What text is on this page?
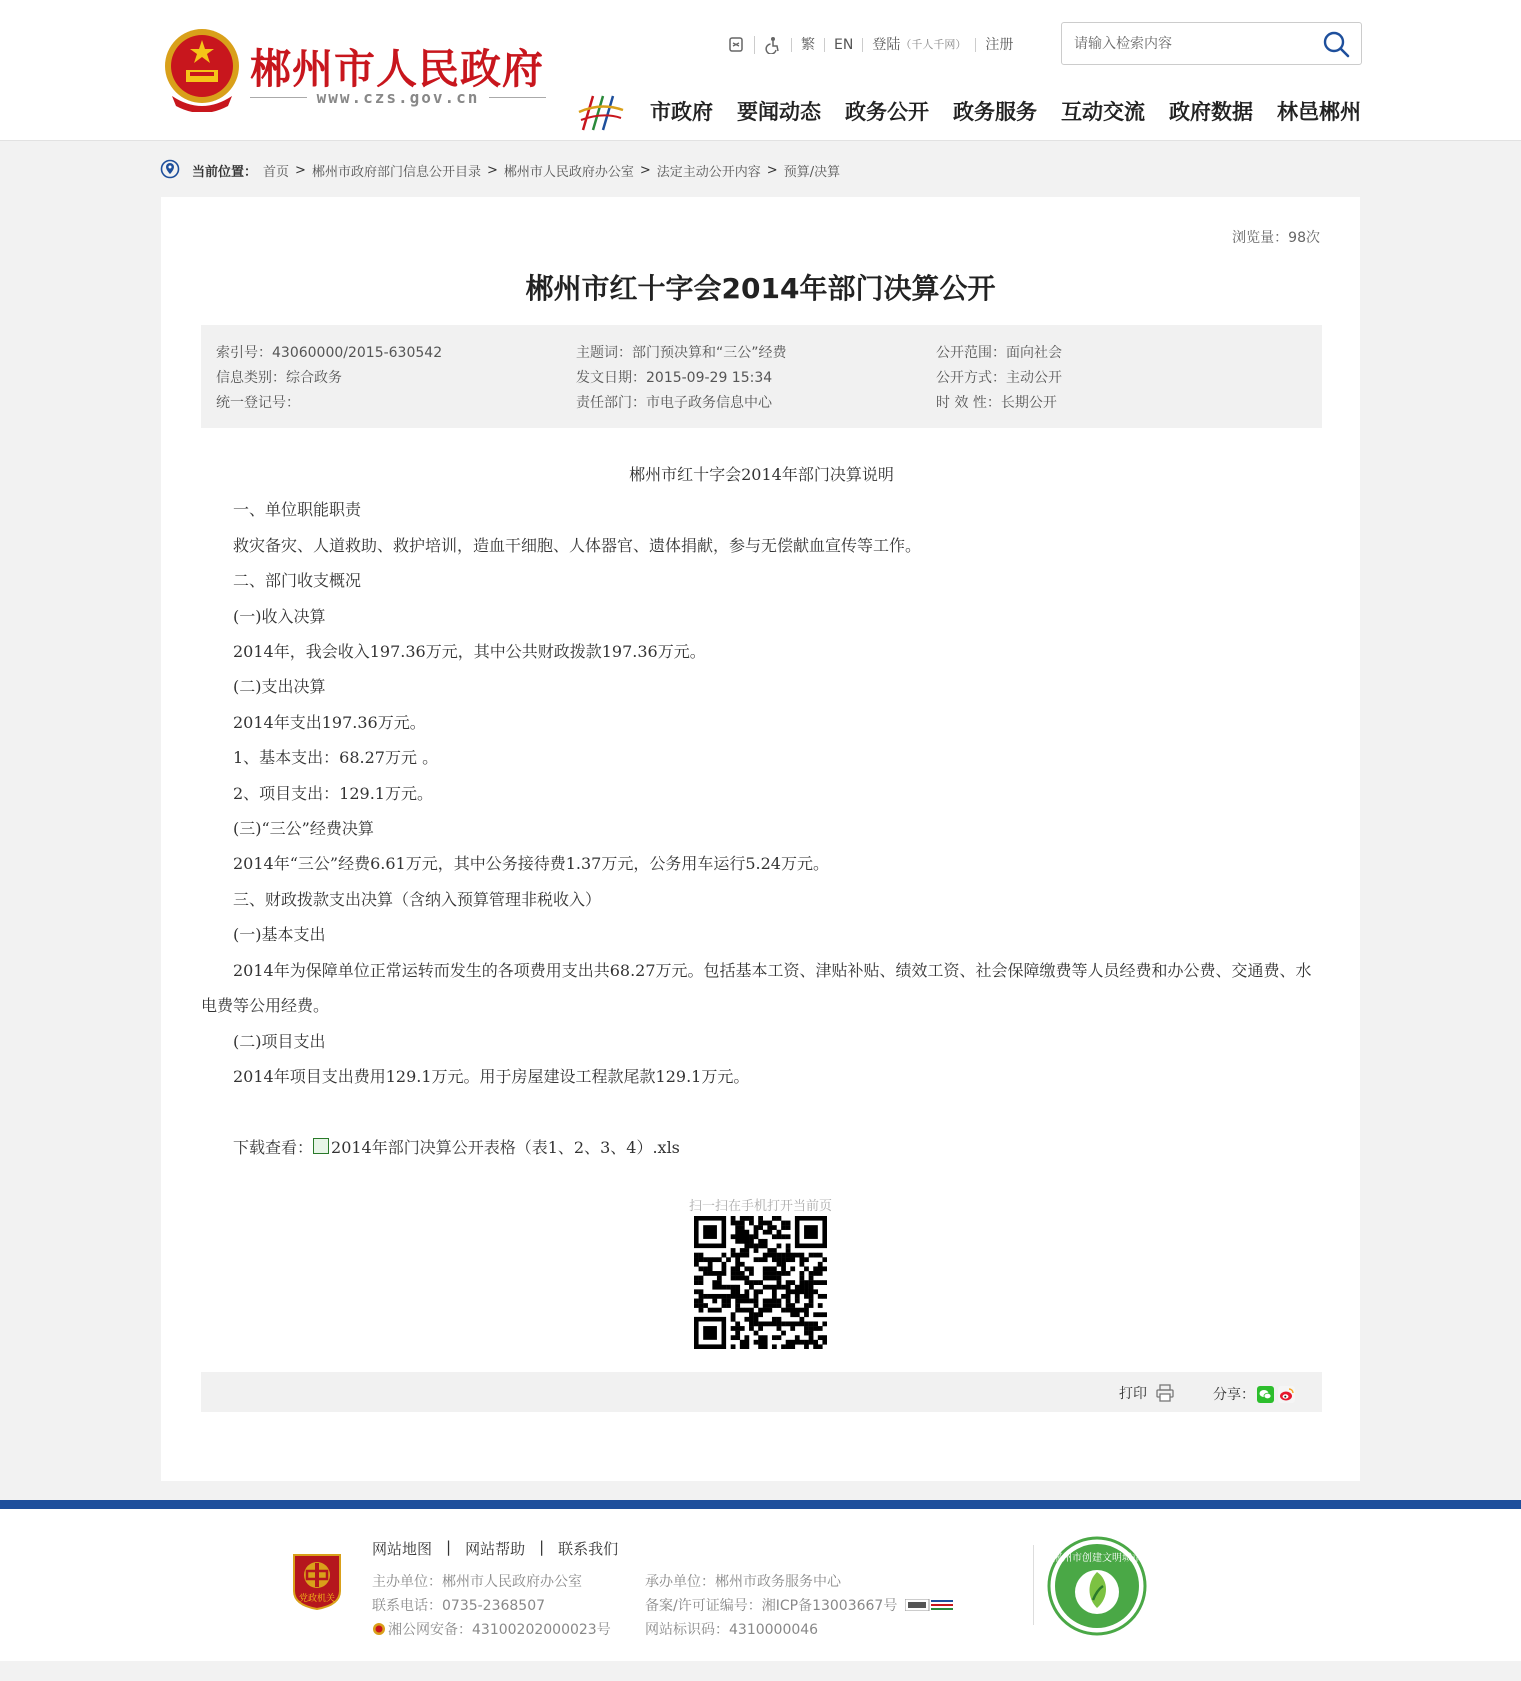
郴州市人民政府
www.czs.gov.cn
繁	EN	登陆 （千人千网）	注册
请输入检索内容
市政府 要闻动态 政务公开 政务服务 互动交流 政府数据 林邑郴州
当前位置： 首页 > 郴州市政府部门信息公开目录 > 郴州市人民政府办公室 > 法定主动公开内容 > 预算/决算
浏览量：98次
郴州市红十字会2014年部门决算公开
索引号：43060000/2015-630542	主题词：部门预决算和“三公”经费	公开范围：面向社会
信息类别：综合政务	发文日期：2015-09-29 15:34	公开方式：主动公开
统一登记号：	责任部门：市电子政务信息中心	时 效 性：长期公开

郴州市红十字会2014年部门决算说明

一、单位职能职责

救灾备灾、人道救助、救护培训，造血干细胞、人体器官、遗体捐献，参与无偿献血宣传等工作。

二、部门收支概况

(一)收入决算

2014年，我会收入197.36万元，其中公共财政拨款197.36万元。

(二)支出决算

2014年支出197.36万元。

1、基本支出：68.27万元 。

2、项目支出：129.1万元。

(三)“三公”经费决算

2014年“三公”经费6.61万元，其中公务接待费1.37万元，公务用车运行5.24万元。

三、财政拨款支出决算（含纳入预算管理非税收入）

(一)基本支出

2014年为保障单位正常运转而发生的各项费用支出共68.27万元。包括基本工资、津贴补贴、绩效工资、社会保障缴费等人员经费和办公费、交通费、水电费等公用经费。

(二)项目支出

2014年项目支出费用129.1万元。用于房屋建设工程款尾款129.1万元。

下载查看： 2014年部门决算公开表格（表1、2、3、4）.xls

扫一扫在手机打开当前页
打印	分享：
党政机关
网站地图 | 网站帮助 | 联系我们
主办单位：郴州市人民政府办公室	承办单位：郴州市政务服务中心
联系电话：0735-2368507	备案/许可证编号：湘ICP备13003667号
湘公网安备：43100202000023号 网站标识码：4310000046
郴州市创建文明城市
